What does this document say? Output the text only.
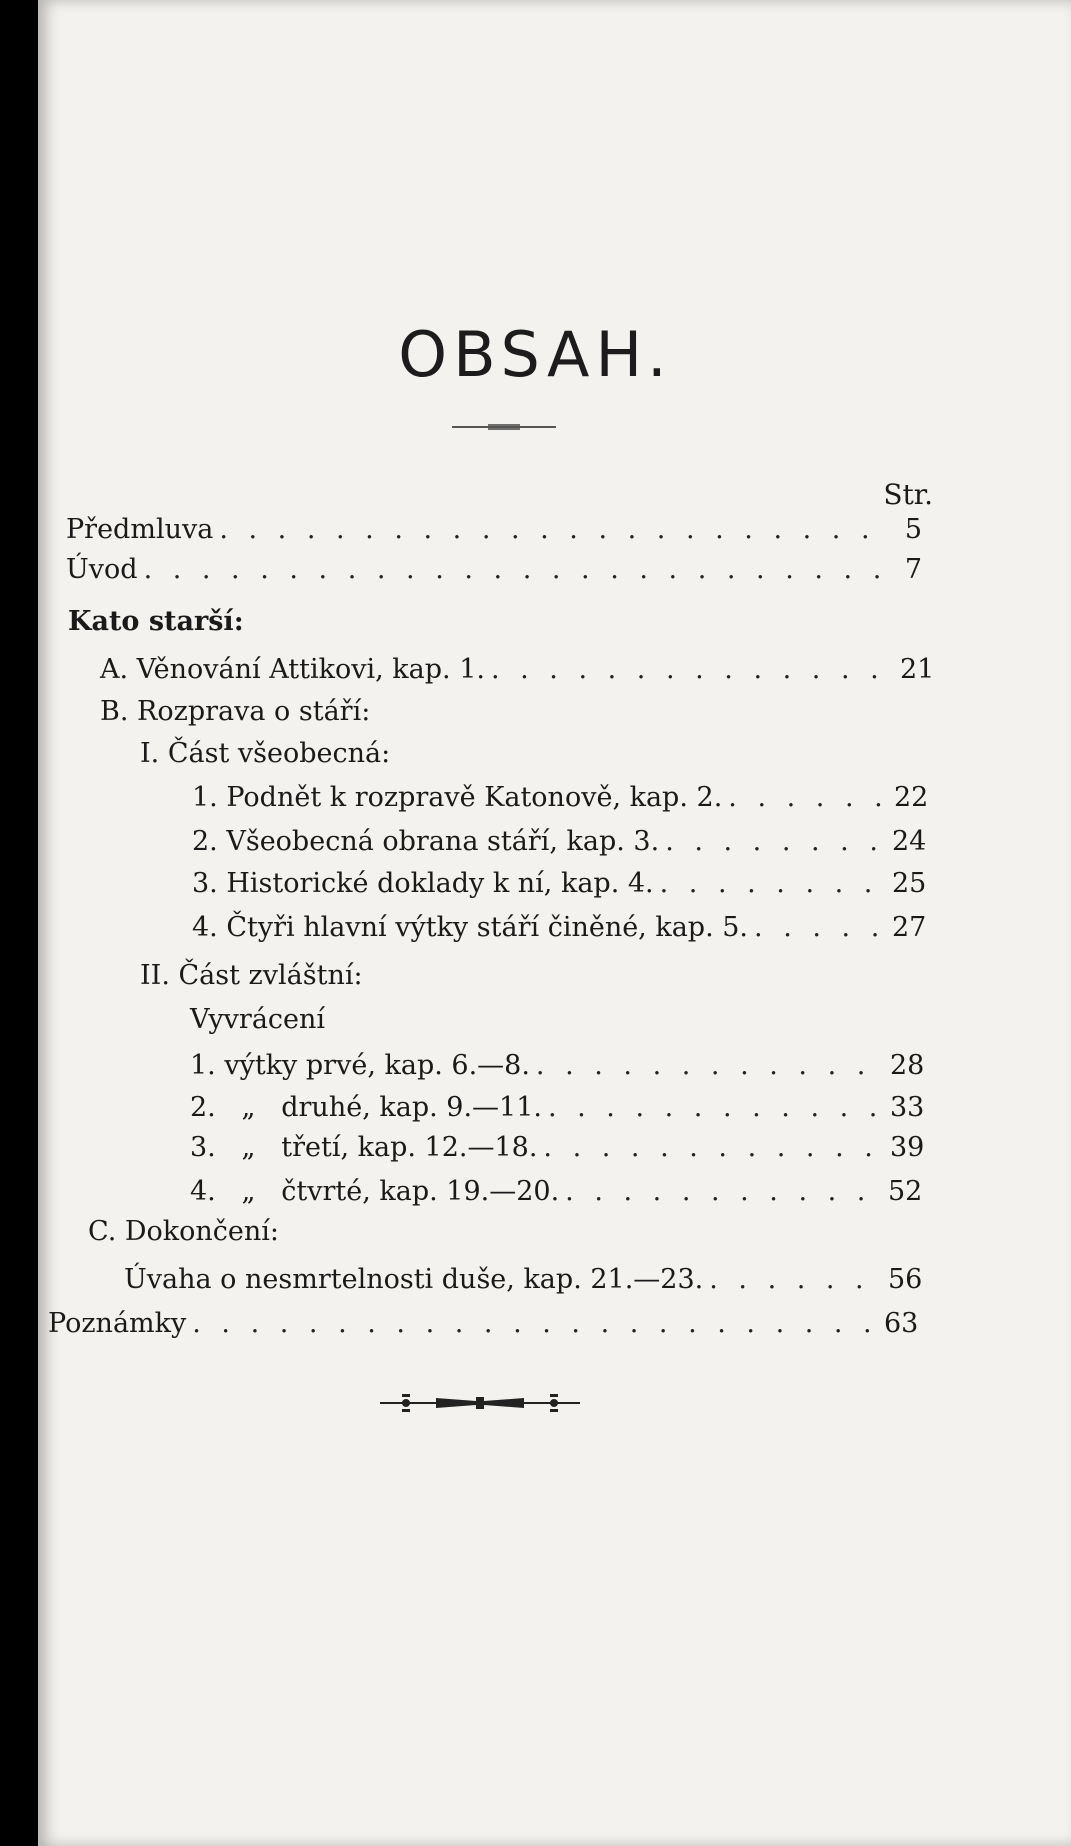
OBSAH.
Str.
Předmluva . . .	5
Úvod . . .	7
Kato starší:
A. Věnování Attikovi, kap. 1. . . .	21
B. Rozprava o stáří:
I. Část všeobecná:
1. Podnět k rozpravě Katonově, kap. 2. . . .	22
2. Všeobecná obrana stáří, kap. 3. . . .	24
3. Historické doklady k ní, kap. 4. . . .	25
4. Čtyři hlavní výtky stáří činěné, kap. 5. . . .	27
II. Část zvláštní:
Vyvrácení
1. výtky prvé, kap. 6.—8. . . .	28
2.   „   druhé, kap. 9.—11. . . .	33
3.   „   třetí, kap. 12.—18. . . .	39
4.   „   čtvrté, kap. 19.—20. . . .	52
C. Dokončení:
Úvaha o nesmrtelnosti duše, kap. 21.—23. . . .	56
Poznámky . . .	63
